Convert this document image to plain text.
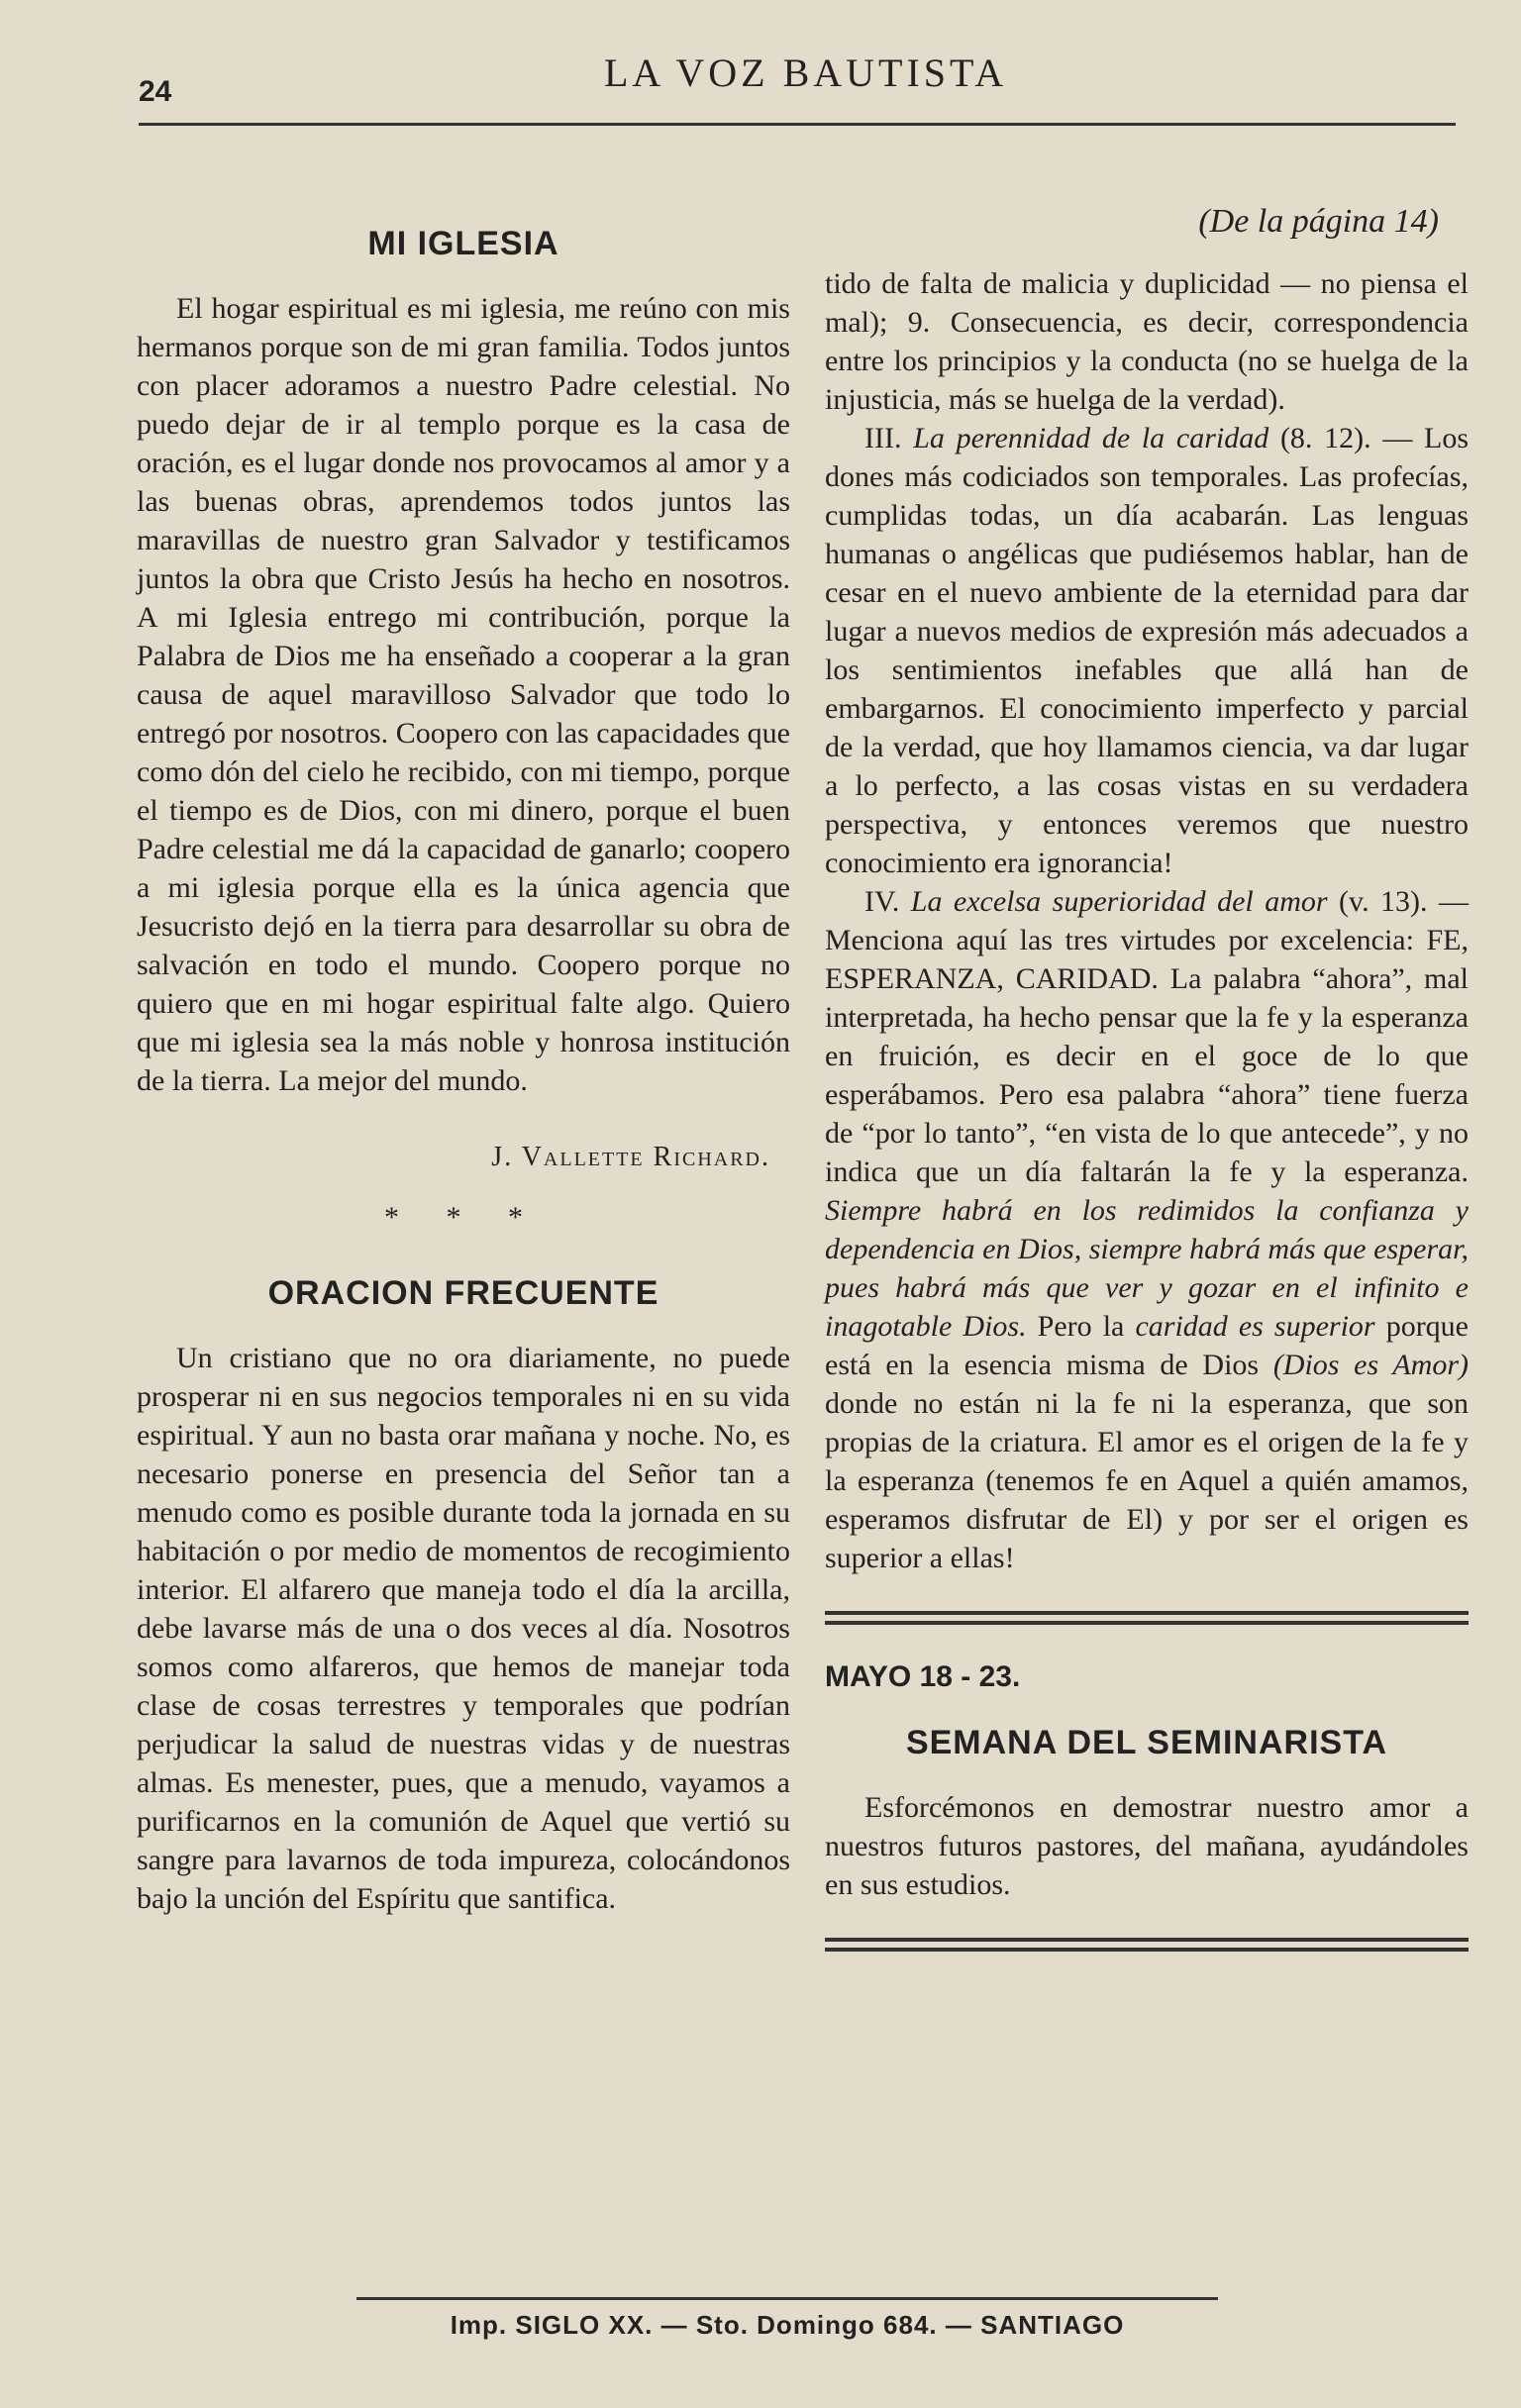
24	LA VOZ BAUTISTA
MI IGLESIA

El hogar espiritual es mi iglesia, me reúno con mis hermanos porque son de mi gran familia. Todos juntos con placer adoramos a nuestro Padre celestial. No puedo dejar de ir al templo porque es la casa de oración, es el lugar donde nos provocamos al amor y a las buenas obras, aprendemos todos juntos las maravillas de nuestro gran Salvador y testificamos juntos la obra que Cristo Jesús ha hecho en nosotros. A mi Iglesia entrego mi contribución, porque la Palabra de Dios me ha enseñado a cooperar a la gran causa de aquel maravilloso Salvador que todo lo entregó por nosotros. Coopero con las capacidades que como dón del cielo he recibido, con mi tiempo, porque el tiempo es de Dios, con mi dinero, porque el buen Padre celestial me dá la capacidad de ganarlo; coopero a mi iglesia porque ella es la única agencia que Jesucristo dejó en la tierra para desarrollar su obra de salvación en todo el mundo. Coopero porque no quiero que en mi hogar espiritual falte algo. Quiero que mi iglesia sea la más noble y honrosa institución de la tierra. La mejor del mundo.

J. Vallette Richard.
* * *
ORACION FRECUENTE

Un cristiano que no ora diariamente, no puede prosperar ni en sus negocios temporales ni en su vida espiritual. Y aun no basta orar mañana y noche. No, es necesario ponerse en presencia del Señor tan a menudo como es posible durante toda la jornada en su habitación o por medio de momentos de recogimiento interior. El alfarero que maneja todo el día la arcilla, debe lavarse más de una o dos veces al día. Nosotros somos como alfareros, que hemos de manejar toda clase de cosas terrestres y temporales que podrían perjudicar la salud de nuestras vidas y de nuestras almas. Es menester, pues, que a menudo, vayamos a purificarnos en la comunión de Aquel que vertió su sangre para lavarnos de toda impureza, colocándonos bajo la unción del Espíritu que santifica.

(De la página 14)

tido de falta de malicia y duplicidad — no piensa el mal); 9. Consecuencia, es decir, correspondencia entre los principios y la conducta (no se huelga de la injusticia, más se huelga de la verdad).

III. La perennidad de la caridad (8. 12). — Los dones más codiciados son temporales. Las profecías, cumplidas todas, un día acabarán. Las lenguas humanas o angélicas que pudiésemos hablar, han de cesar en el nuevo ambiente de la eternidad para dar lugar a nuevos medios de expresión más adecuados a los sentimientos inefables que allá han de embargarnos. El conocimiento imperfecto y parcial de la verdad, que hoy llamamos ciencia, va dar lugar a lo perfecto, a las cosas vistas en su verdadera perspectiva, y entonces veremos que nuestro conocimiento era ignorancia!

IV. La excelsa superioridad del amor (v. 13). — Menciona aquí las tres virtudes por excelencia: FE, ESPERANZA, CARIDAD. La palabra “ahora”, mal interpretada, ha hecho pensar que la fe y la esperanza en fruición, es decir en el goce de lo que esperábamos. Pero esa palabra “ahora” tiene fuerza de “por lo tanto”, “en vista de lo que antecede”, y no indica que un día faltarán la fe y la esperanza. Siempre habrá en los redimidos la confianza y dependencia en Dios, siempre habrá más que esperar, pues habrá más que ver y gozar en el infinito e inagotable Dios. Pero la caridad es superior porque está en la esencia misma de Dios (Dios es Amor) donde no están ni la fe ni la esperanza, que son propias de la criatura. El amor es el origen de la fe y la esperanza (tenemos fe en Aquel a quién amamos, esperamos disfrutar de El) y por ser el origen es superior a ellas!

MAYO 18 - 23.
SEMANA DEL SEMINARISTA

Esforcémonos en demostrar nuestro amor a nuestros futuros pastores, del mañana, ayudándoles en sus estudios.

Imp. SIGLO XX. — Sto. Domingo 684. — SANTIAGO
